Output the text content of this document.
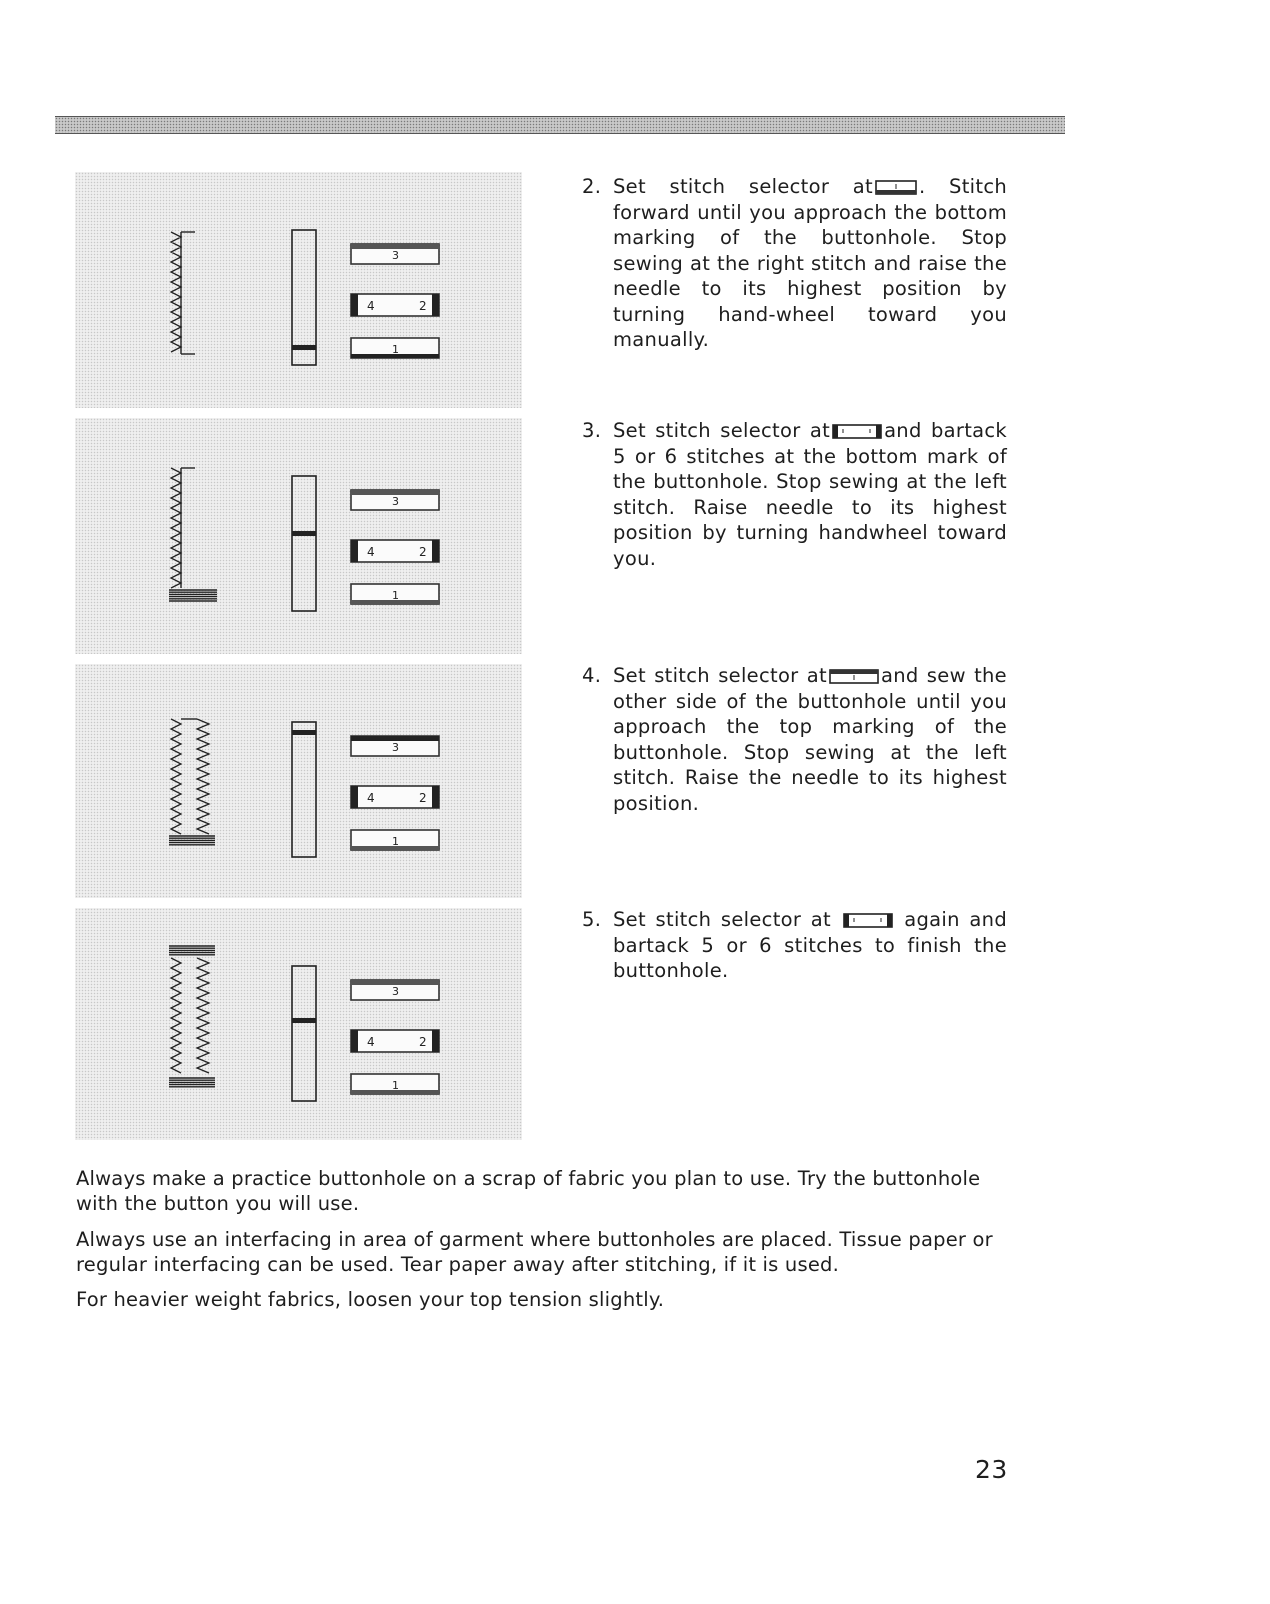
3
4	2
1
3
4	2
1
3
4	2
1
3
4	2
1
2. Set stitch selector at . Stitch forward until you approach the bottom marking of the buttonhole. Stop sewing at the right stitch and raise the needle to its highest position by turning hand-wheel toward you manually.

3. Set stitch selector at	and bartack 5 or 6 stitches at the bottom mark of the buttonhole. Stop sewing at the left stitch. Raise needle to its highest position by turning handwheel toward you.

4. Set stitch selector at	and sew the other side of the buttonhole until you approach the top marking of the buttonhole. Stop sewing at the left stitch. Raise the needle to its highest position.

5. Set stitch selector at	again and bartack 5 or 6 stitches to finish the buttonhole.

Always make a practice buttonhole on a scrap of fabric you plan to use. Try the buttonhole with the button you will use.

Always use an interfacing in area of garment where buttonholes are placed. Tissue paper or regular interfacing can be used. Tear paper away after stitching, if it is used.

For heavier weight fabrics, loosen your top tension slightly.

23
